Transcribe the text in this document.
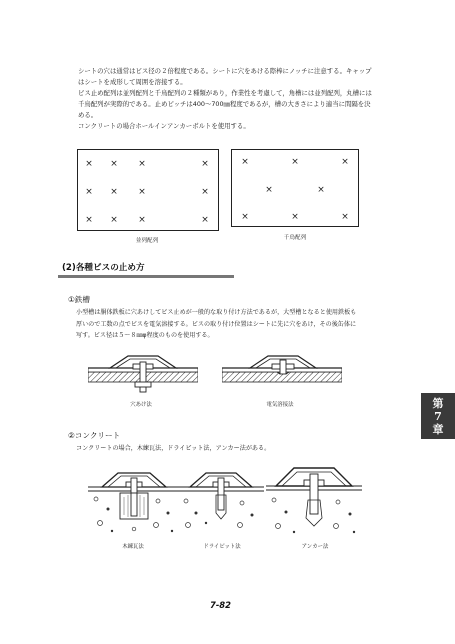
シートの穴は通常はビス径の２倍程度である。シートに穴をあける際棒にノッチに注意する。キャップ

はシートを成形して周囲を溶接する。

ビス止め配列は並列配列と千鳥配列の２種類があり，作業性を考慮して，角槽には並列配列，丸槽には

千鳥配列が実際的である。止めピッチは400〜700㎜程度であるが，槽の大きさにより適当に間隔を決

める。

コンクリートの場合ホールインアンカーボルトを使用する。

× × ×	×
× × ×	×
× × ×	×
並列配列
×	×	×
×	×
×	×	×
千鳥配列
(2)各種ビスの止め方
①鉄槽

小型槽は胴体鉄板に穴あけしてビス止めが一般的な取り付け方法であるが，大型槽となると使用鉄板も

厚いので工数の点でビスを電気溶接する。ビスの取り付け位置はシートに先に穴をあけ，その後缶体に

写す。ビス径は５〜８㎜φ程度のものを使用する。

穴あけ法	電気溶接法
②コンクリート

コンクリートの場合，木練瓦法，ドライピット法，アンカー法がある。

木練瓦法	ドライピット法	アンカー法
第
7
章
7-82
